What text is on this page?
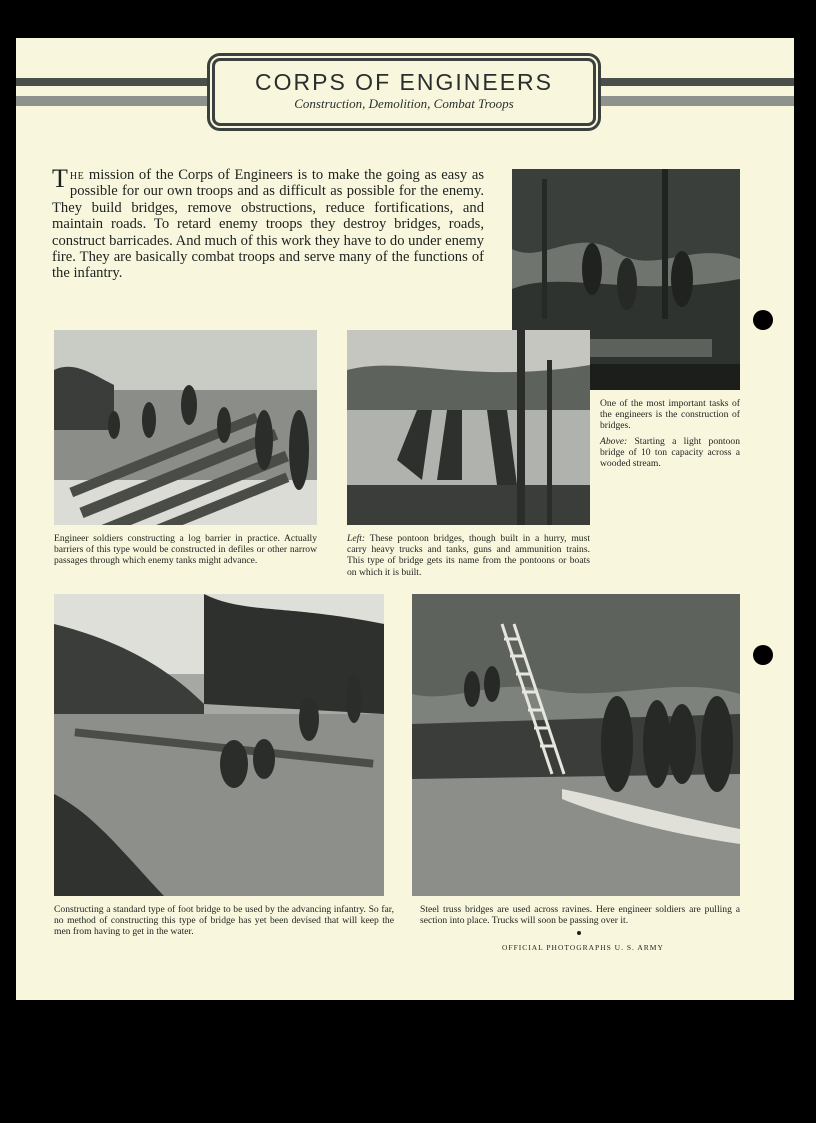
CORPS OF ENGINEERS
Construction, Demolition, Combat Troops

The mission of the Corps of Engineers is to make the going as easy as possible for our own troops and as difficult as possible for the enemy. They build bridges, remove obstructions, reduce fortifications, and maintain roads. To retard enemy troops they destroy bridges, roads, construct barricades. And much of this work they have to do under enemy fire. They are basically combat troops and serve many of the functions of the infantry.

One of the most important tasks of the engineers is the construction of bridges.

Above: Starting a light pontoon bridge of 10 ton capacity across a wooded stream.

Engineer soldiers constructing a log barrier in practice. Actually barriers of this type would be constructed in defiles or other narrow passages through which enemy tanks might advance.

Left: These pontoon bridges, though built in a hurry, must carry heavy trucks and tanks, guns and ammunition trains. This type of bridge gets its name from the pontoons or boats on which it is built.

Constructing a standard type of foot bridge to be used by the advancing infantry. So far, no method of constructing this type of bridge has yet been devised that will keep the men from having to get in the water.

Steel truss bridges are used across ravines. Here engineer soldiers are pulling a section into place. Trucks will soon be passing over it.

OFFICIAL PHOTOGRAPHS U. S. ARMY
